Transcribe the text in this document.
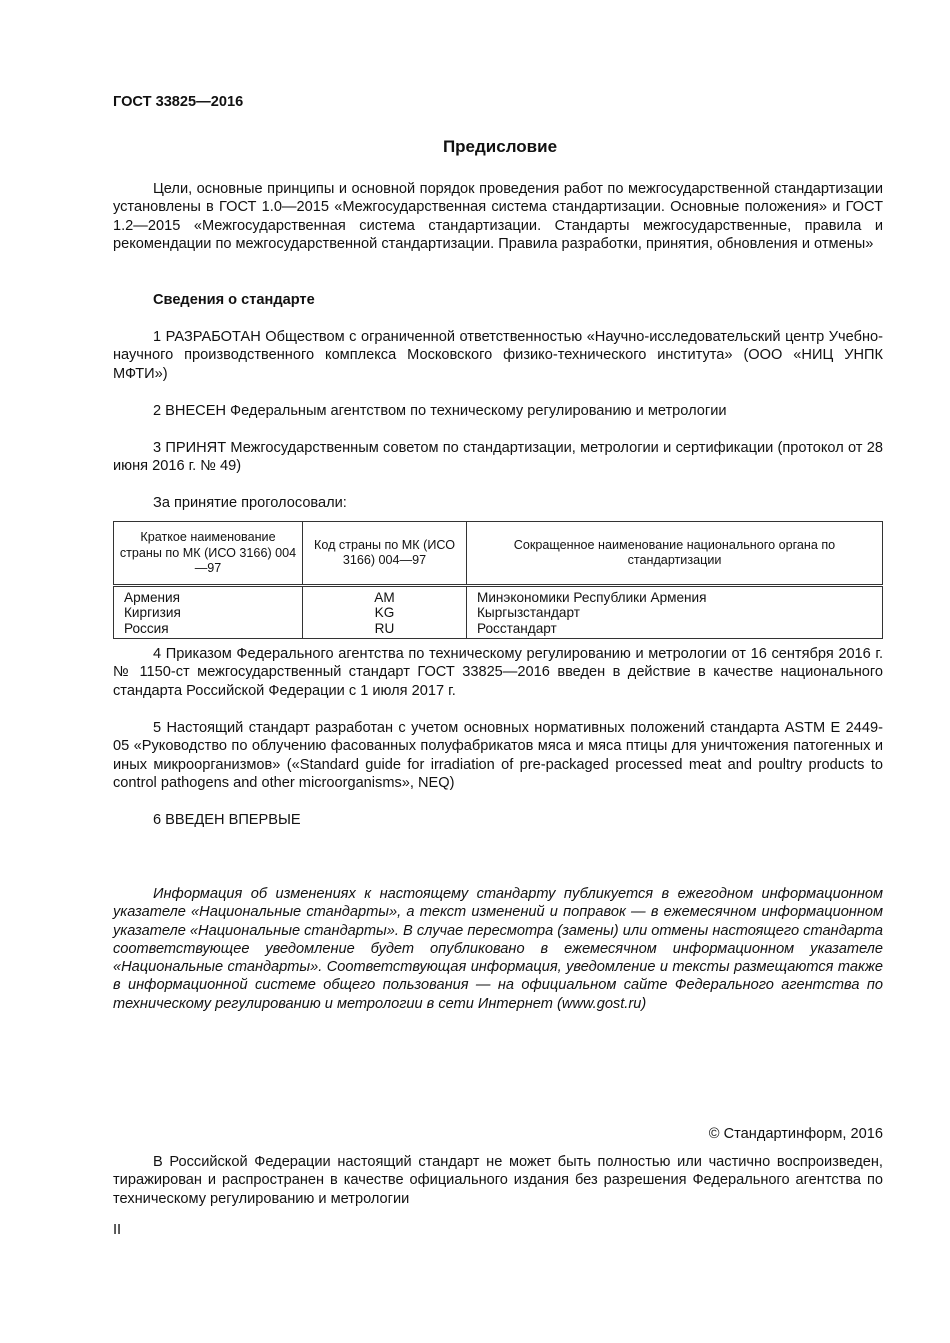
ГОСТ 33825—2016
Предисловие

Цели, основные принципы и основной порядок проведения работ по межгосударственной стандартизации установлены в ГОСТ 1.0—2015 «Межгосударственная система стандартизации. Основные положения» и ГОСТ 1.2—2015 «Межгосударственная система стандартизации. Стандарты межгосударственные, правила и рекомендации по межгосударственной стандартизации. Правила разработки, принятия, обновления и отмены»

Сведения о стандарте

1 РАЗРАБОТАН Обществом с ограниченной ответственностью «Научно-исследовательский центр Учебно-научного производственного комплекса Московского физико-технического института» (ООО «НИЦ УНПК МФТИ»)

2 ВНЕСЕН Федеральным агентством по техническому регулированию и метрологии

3 ПРИНЯТ Межгосударственным советом по стандартизации, метрологии и сертификации (протокол от 28 июня 2016 г. № 49)

За принятие проголосовали:

Краткое наименование страны по МК (ИСО 3166) 004—97	Код страны по МК (ИСО 3166) 004—97	Сокращенное наименование национального органа по стандартизации
Армения	AM	Минэкономики Республики Армения
Киргизия	KG	Кыргызстандарт
Россия	RU	Росстандарт

4 Приказом Федерального агентства по техническому регулированию и метрологии от 16 сентября 2016 г. № 1150-ст межгосударственный стандарт ГОСТ 33825—2016 введен в действие в качестве национального стандарта Российской Федерации с 1 июля 2017 г.

5 Настоящий стандарт разработан с учетом основных нормативных положений стандарта ASTM E 2449-05 «Руководство по облучению фасованных полуфабрикатов мяса и мяса птицы для уничтожения патогенных и иных микроорганизмов» («Standard guide for irradiation of pre-packaged processed meat and poultry products to control pathogens and other microorganisms», NEQ)

6 ВВЕДЕН ВПЕРВЫЕ

Информация об изменениях к настоящему стандарту публикуется в ежегодном информационном указателе «Национальные стандарты», а текст изменений и поправок — в ежемесячном информационном указателе «Национальные стандарты». В случае пересмотра (замены) или отмены настоящего стандарта соответствующее уведомление будет опубликовано в ежемесячном информационном указателе «Национальные стандарты». Соответствующая информация, уведомление и тексты размещаются также в информационной системе общего пользования — на официальном сайте Федерального агентства по техническому регулированию и метрологии в сети Интернет (www.gost.ru)

© Стандартинформ, 2016

В Российской Федерации настоящий стандарт не может быть полностью или частично воспроизведен, тиражирован и распространен в качестве официального издания без разрешения Федерального агентства по техническому регулированию и метрологии

II
